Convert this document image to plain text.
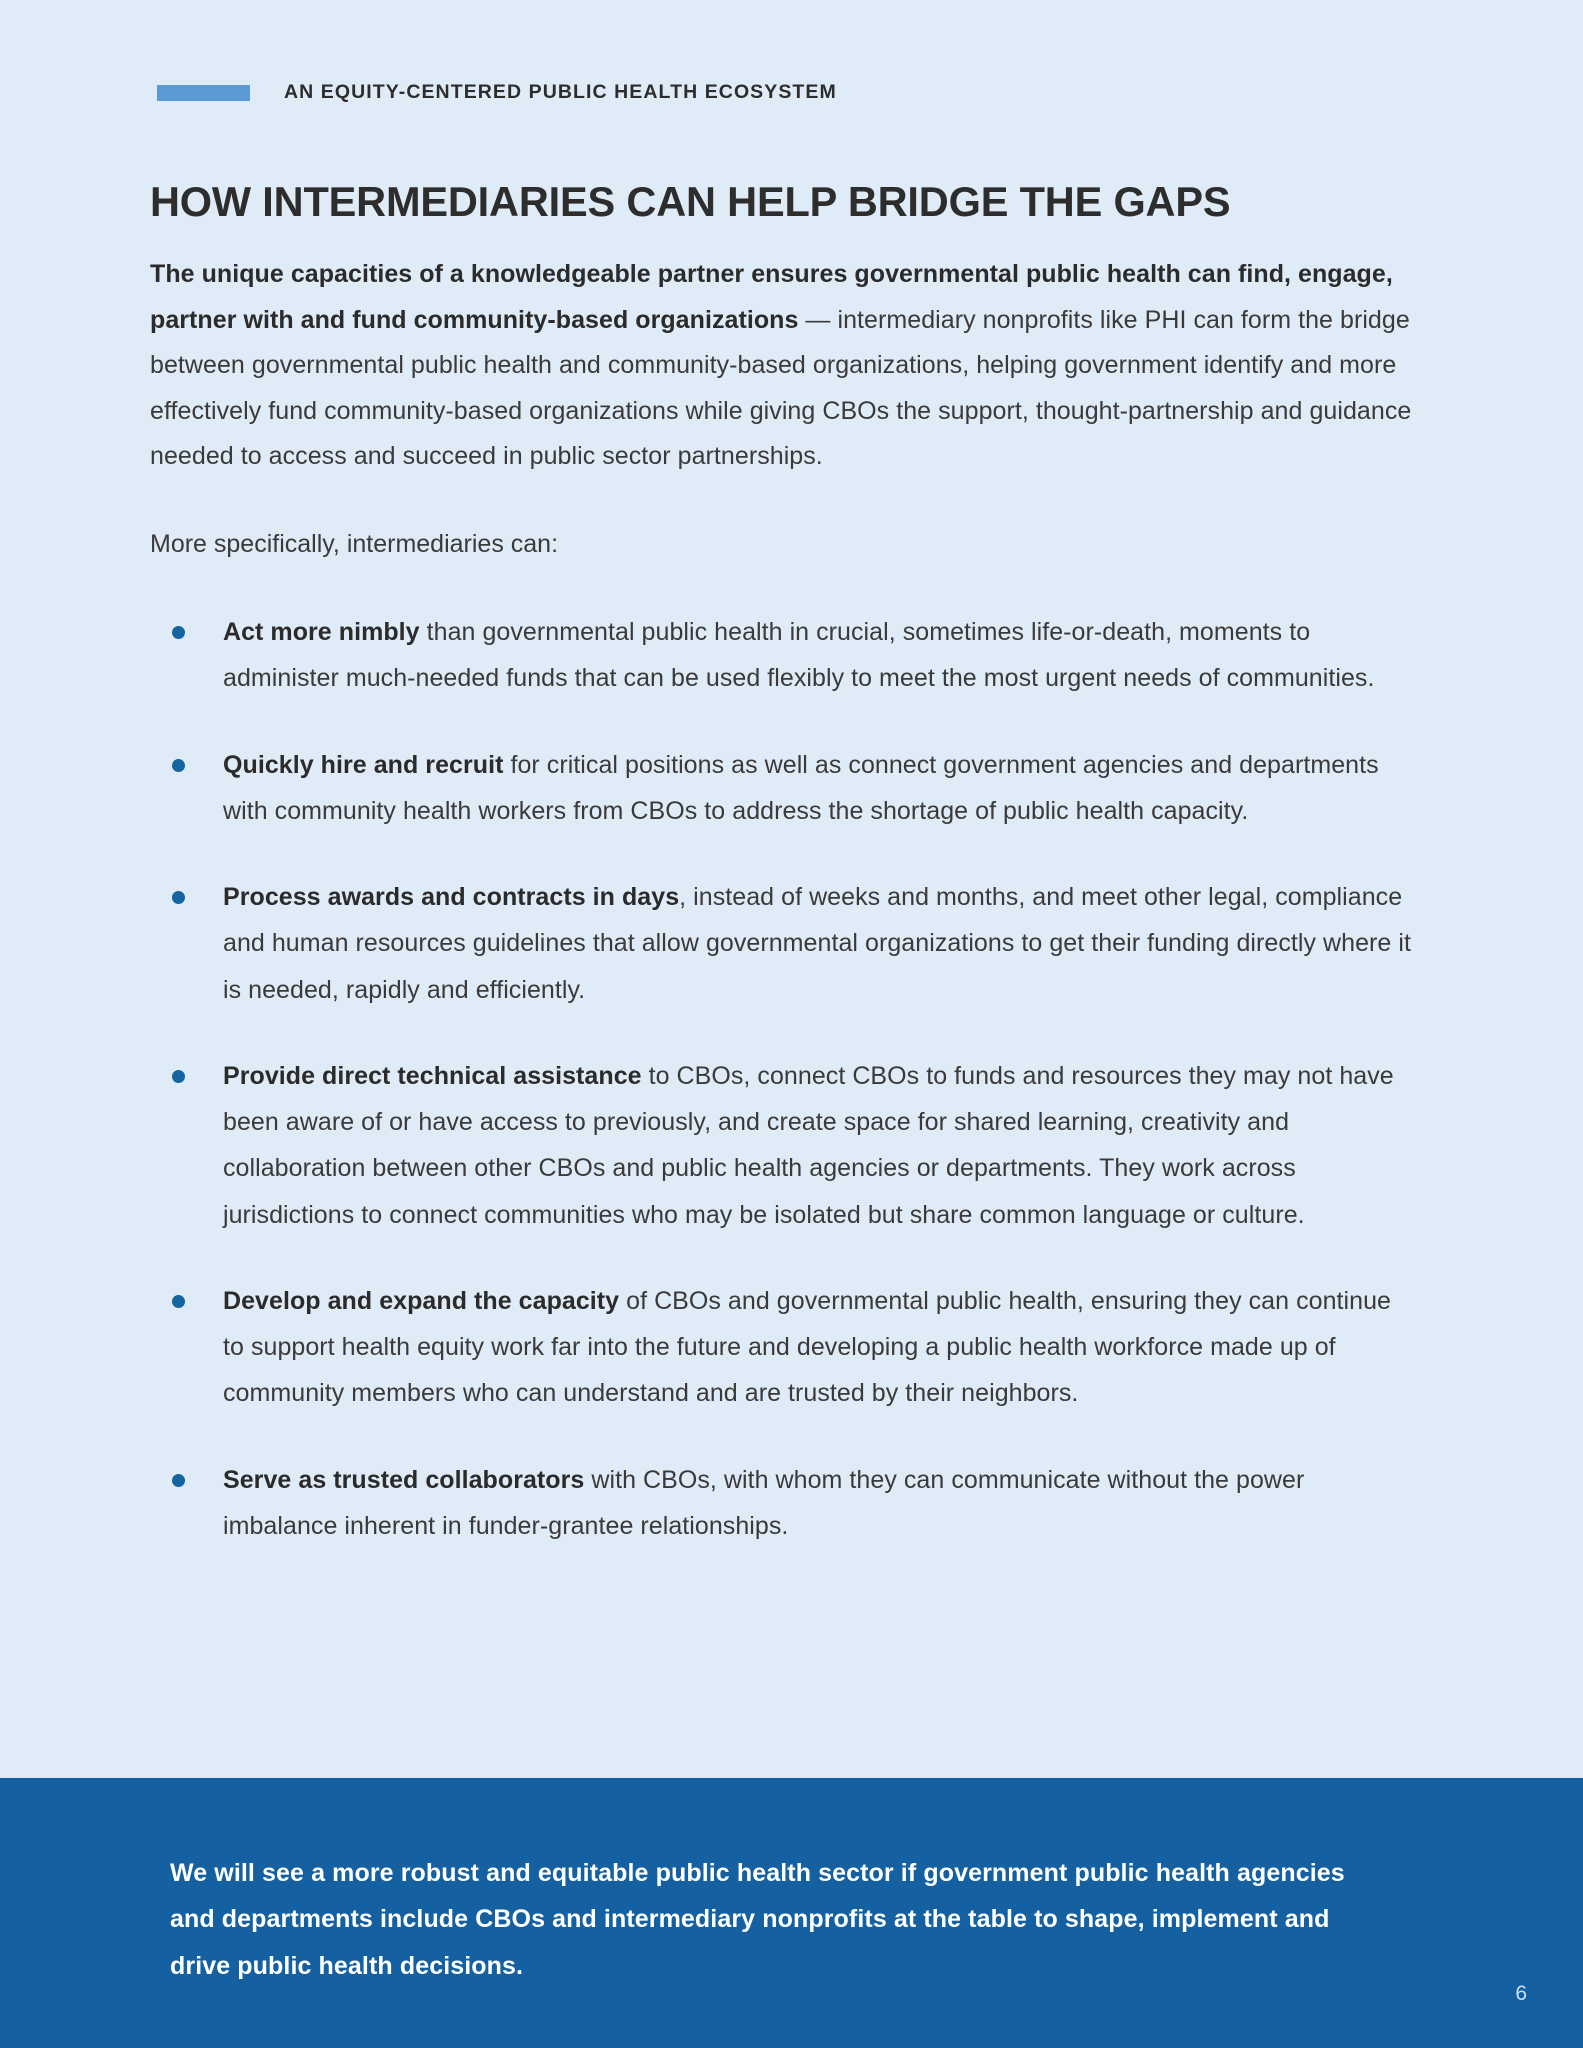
AN EQUITY-CENTERED PUBLIC HEALTH ECOSYSTEM
HOW INTERMEDIARIES CAN HELP BRIDGE THE GAPS

The unique capacities of a knowledgeable partner ensures governmental public health can find, engage, partner with and fund community-based organizations — intermediary nonprofits like PHI can form the bridge between governmental public health and community-based organizations, helping government identify and more effectively fund community-based organizations while giving CBOs the support, thought-partnership and guidance needed to access and succeed in public sector partnerships.

More specifically, intermediaries can:

Act more nimbly than governmental public health in crucial, sometimes life-or-death, moments to administer much-needed funds that can be used flexibly to meet the most urgent needs of communities.
Quickly hire and recruit for critical positions as well as connect government agencies and departments with community health workers from CBOs to address the shortage of public health capacity.
Process awards and contracts in days, instead of weeks and months, and meet other legal, compliance and human resources guidelines that allow governmental organizations to get their funding directly where it is needed, rapidly and efficiently.
Provide direct technical assistance to CBOs, connect CBOs to funds and resources they may not have been aware of or have access to previously, and create space for shared learning, creativity and collaboration between other CBOs and public health agencies or departments. They work across jurisdictions to connect communities who may be isolated but share common language or culture.
Develop and expand the capacity of CBOs and governmental public health, ensuring they can continue to support health equity work far into the future and developing a public health workforce made up of community members who can understand and are trusted by their neighbors.
Serve as trusted collaborators with CBOs, with whom they can communicate without the power imbalance inherent in funder-grantee relationships.
We will see a more robust and equitable public health sector if government public health agencies and departments include CBOs and intermediary nonprofits at the table to shape, implement and drive public health decisions.
6
